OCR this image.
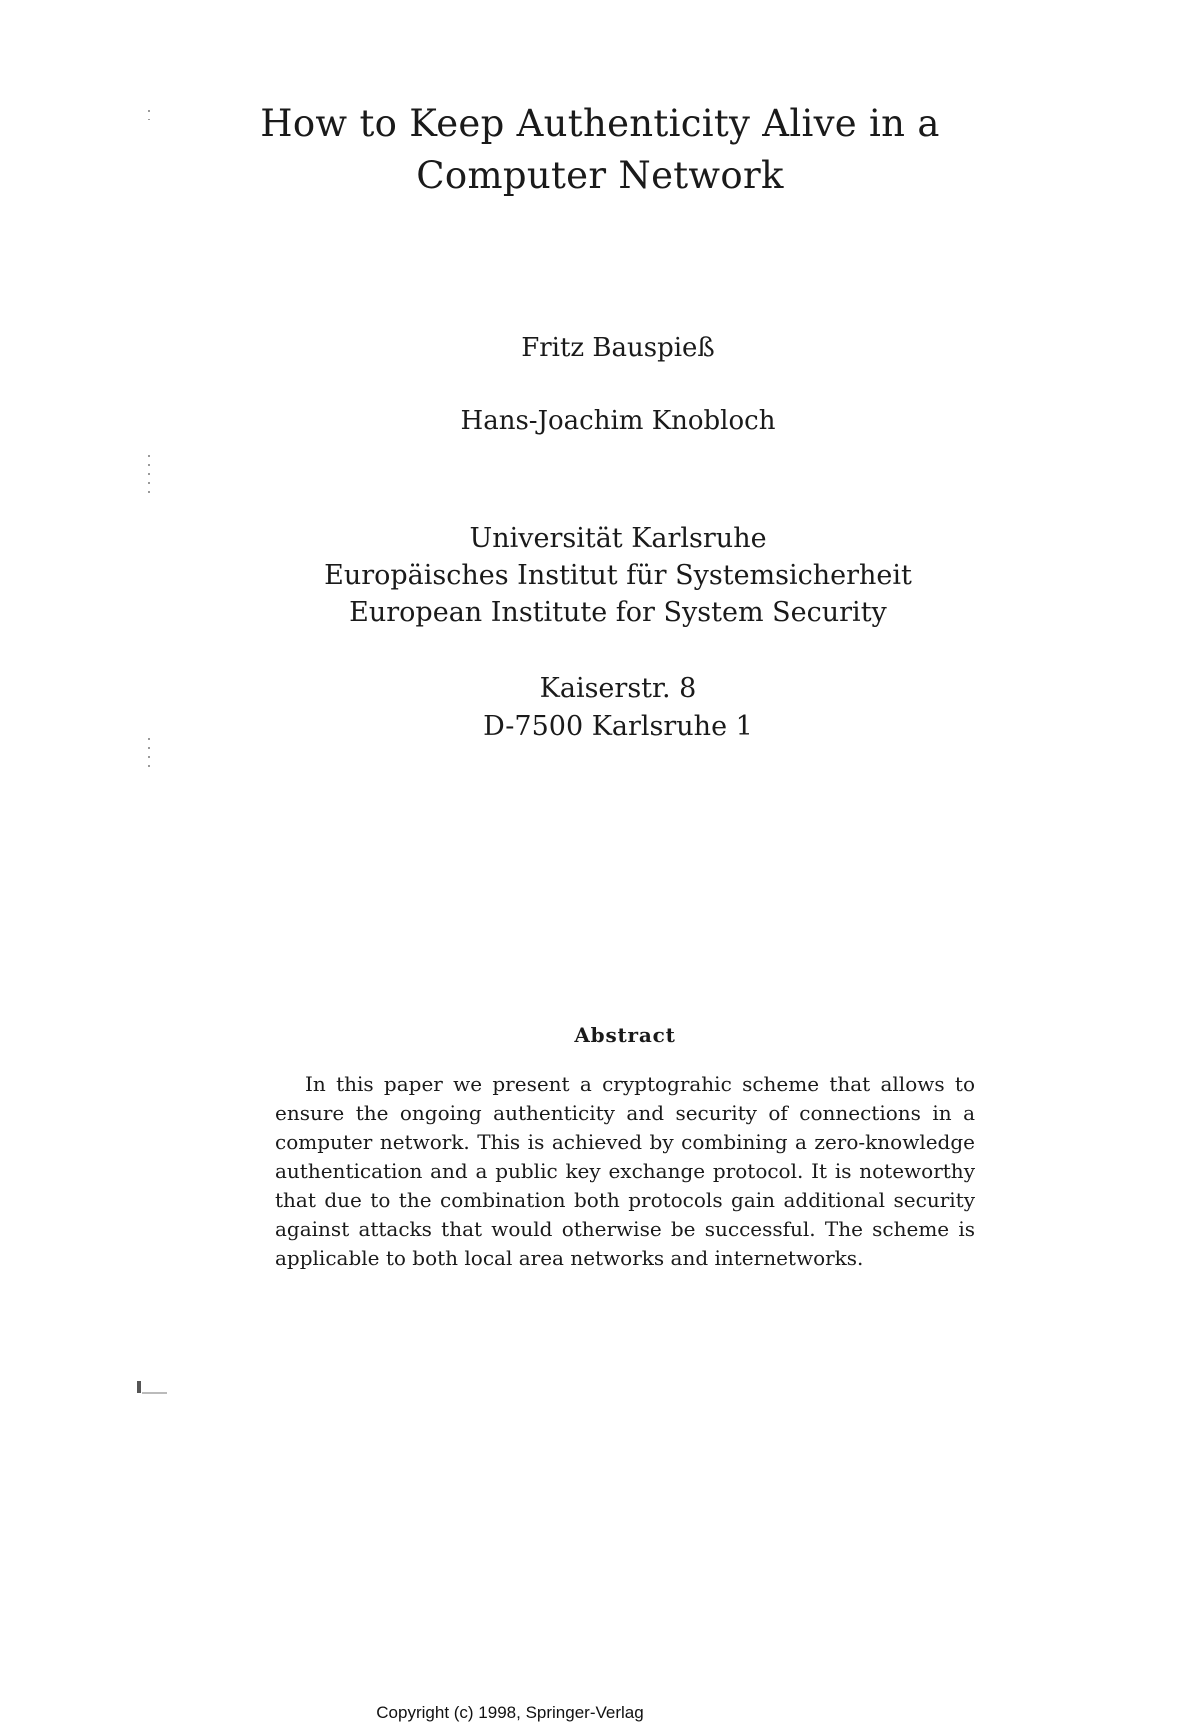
How to Keep Authenticity Alive in a
Computer Network

Fritz Bauspieß

Hans-Joachim Knobloch

Universität Karlsruhe
Europäisches Institut für Systemsicherheit
European Institute for System Security
Kaiserstr. 8
D-7500 Karlsruhe 1
Abstract

In this paper we present a cryptograhic scheme that allows to ensure the ongoing authenticity and security of connections in a computer network. This is achieved by combining a zero-knowledge authentication and a public key exchange protocol. It is noteworthy that due to the combination both protocols gain additional security against attacks that would otherwise be successful. The scheme is applicable to both local area networks and internetworks.

Copyright (c) 1998, Springer-Verlag
